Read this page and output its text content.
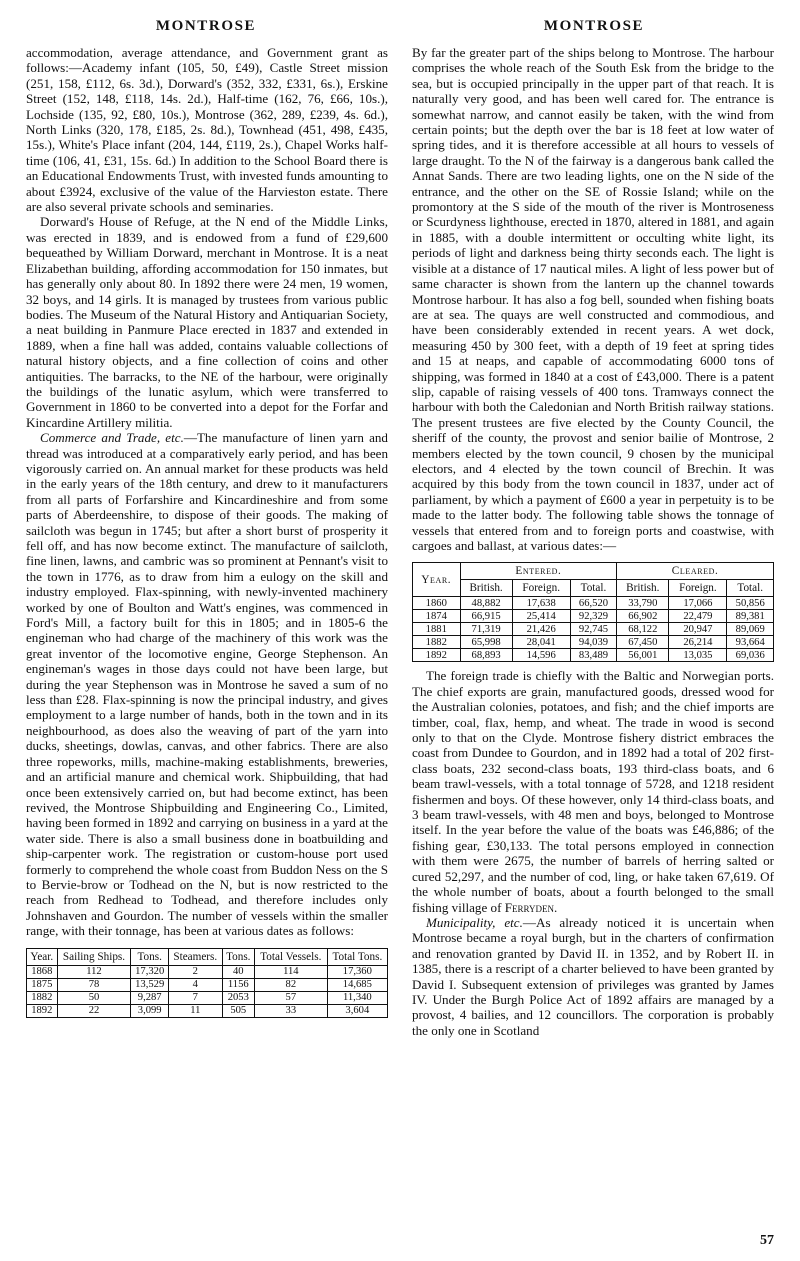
MONTROSE	MONTROSE

accommodation, average attendance, and Government grant as follows:—Academy infant (105, 50, £49), Castle Street mission (251, 158, £112, 6s. 3d.), Dorward's (352, 332, £331, 6s.), Erskine Street (152, 148, £118, 14s. 2d.), Half-time (162, 76, £66, 10s.), Lochside (135, 92, £80, 10s.), Montrose (362, 289, £239, 4s. 6d.), North Links (320, 178, £185, 2s. 8d.), Townhead (451, 498, £435, 15s.), White's Place infant (204, 144, £119, 2s.), Chapel Works half-time (106, 41, £31, 15s. 6d.) In addition to the School Board there is an Educational Endowments Trust, with invested funds amounting to about £3924, exclusive of the value of the Harvieston estate. There are also several private schools and seminaries.

Dorward's House of Refuge, at the N end of the Middle Links, was erected in 1839, and is endowed from a fund of £29,600 bequeathed by William Dorward, merchant in Montrose. It is a neat Elizabethan building, affording accommodation for 150 inmates, but has generally only about 80. In 1892 there were 24 men, 19 women, 32 boys, and 14 girls. It is managed by trustees from various public bodies. The Museum of the Natural History and Antiquarian Society, a neat building in Panmure Place erected in 1837 and extended in 1889, when a fine hall was added, contains valuable collections of natural history objects, and a fine collection of coins and other antiquities. The barracks, to the NE of the harbour, were originally the buildings of the lunatic asylum, which were transferred to Government in 1860 to be converted into a depot for the Forfar and Kincardine Artillery militia.

Commerce and Trade, etc.—The manufacture of linen yarn and thread was introduced at a comparatively early period, and has been vigorously carried on. An annual market for these products was held in the early years of the 18th century, and drew to it manufacturers from all parts of Forfarshire and Kincardineshire and from some parts of Aberdeenshire, to dispose of their goods. The making of sailcloth was begun in 1745; but after a short burst of prosperity it fell off, and has now become extinct. The manufacture of sailcloth, fine linen, lawns, and cambric was so prominent at Pennant's visit to the town in 1776, as to draw from him a eulogy on the skill and industry employed. Flax-spinning, with newly-invented machinery worked by one of Boulton and Watt's engines, was commenced in Ford's Mill, a factory built for this in 1805; and in 1805-6 the engineman who had charge of the machinery of this work was the great inventor of the locomotive engine, George Stephenson. An engineman's wages in those days could not have been large, but during the year Stephenson was in Montrose he saved a sum of no less than £28. Flax-spinning is now the principal industry, and gives employment to a large number of hands, both in the town and in its neighbourhood, as does also the weaving of part of the yarn into ducks, sheetings, dowlas, canvas, and other fabrics. There are also three ropeworks, mills, machine-making establishments, breweries, and an artificial manure and chemical work. Shipbuilding, that had once been extensively carried on, but had become extinct, has been revived, the Montrose Shipbuilding and Engineering Co., Limited, having been formed in 1892 and carrying on business in a yard at the water side. There is also a small business done in boatbuilding and ship-carpenter work. The registration or custom-house port used formerly to comprehend the whole coast from Buddon Ness on the S to Bervie-brow or Todhead on the N, but is now restricted to the reach from Redhead to Todhead, and therefore includes only Johnshaven and Gourdon. The number of vessels within the smaller range, with their tonnage, has been at various dates as follows:

Year.	Sailing Ships.	Tons.	Steamers.	Tons.	Total Vessels.	Total Tons.
1868	112	17,320	2	40	114	17,360
1875	78	13,529	4	1156	82	14,685
1882	50	9,287	7	2053	57	11,340
1892	22	3,099	11	505	33	3,604

By far the greater part of the ships belong to Montrose. The harbour comprises the whole reach of the South Esk from the bridge to the sea, but is occupied principally in the upper part of that reach. It is naturally very good, and has been well cared for. The entrance is somewhat narrow, and cannot easily be taken, with the wind from certain points; but the depth over the bar is 18 feet at low water of spring tides, and it is therefore accessible at all hours to vessels of large draught. To the N of the fairway is a dangerous bank called the Annat Sands. There are two leading lights, one on the N side of the entrance, and the other on the SE of Rossie Island; while on the promontory at the S side of the mouth of the river is Montroseness or Scurdyness lighthouse, erected in 1870, altered in 1881, and again in 1885, with a double intermittent or occulting white light, its periods of light and darkness being thirty seconds each. The light is visible at a distance of 17 nautical miles. A light of less power but of same character is shown from the lantern up the channel towards Montrose harbour. It has also a fog bell, sounded when fishing boats are at sea. The quays are well constructed and commodious, and have been considerably extended in recent years. A wet dock, measuring 450 by 300 feet, with a depth of 19 feet at spring tides and 15 at neaps, and capable of accommodating 6000 tons of shipping, was formed in 1840 at a cost of £43,000. There is a patent slip, capable of raising vessels of 400 tons. Tramways connect the harbour with both the Caledonian and North British railway stations. The present trustees are five elected by the County Council, the sheriff of the county, the provost and senior bailie of Montrose, 2 members elected by the town council, 9 chosen by the municipal electors, and 4 elected by the town council of Brechin. It was acquired by this body from the town council in 1837, under act of parliament, by which a payment of £600 a year in perpetuity is to be made to the latter body. The following table shows the tonnage of vessels that entered from and to foreign ports and coastwise, with cargoes and ballast, at various dates:—

Year.	Entered.			Cleared.		
	British.	Foreign.	Total.	British.	Foreign.	Total.
1860	48,882	17,638	66,520	33,790	17,066	50,856
1874	66,915	25,414	92,329	66,902	22,479	89,381
1881	71,319	21,426	92,745	68,122	20,947	89,069
1882	65,998	28,041	94,039	67,450	26,214	93,664
1892	68,893	14,596	83,489	56,001	13,035	69,036

The foreign trade is chiefly with the Baltic and Norwegian ports. The chief exports are grain, manufactured goods, dressed wood for the Australian colonies, potatoes, and fish; and the chief imports are timber, coal, flax, hemp, and wheat. The trade in wood is second only to that on the Clyde. Montrose fishery district embraces the coast from Dundee to Gourdon, and in 1892 had a total of 202 first-class boats, 232 second-class boats, 193 third-class boats, and 6 beam trawl-vessels, with a total tonnage of 5728, and 1218 resident fishermen and boys. Of these however, only 14 third-class boats, and 3 beam trawl-vessels, with 48 men and boys, belonged to Montrose itself. In the year before the value of the boats was £46,886; of the fishing gear, £30,133. The total persons employed in connection with them were 2675, the number of barrels of herring salted or cured 52,297, and the number of cod, ling, or hake taken 67,619. Of the whole number of boats, about a fourth belonged to the small fishing village of Ferryden.

Municipality, etc.—As already noticed it is uncertain when Montrose became a royal burgh, but in the charters of confirmation and renovation granted by David II. in 1352, and by Robert II. in 1385, there is a rescript of a charter believed to have been granted by David I. Subsequent extension of privileges was granted by James IV. Under the Burgh Police Act of 1892 affairs are managed by a provost, 4 bailies, and 12 councillors. The corporation is probably the only one in Scotland

57
